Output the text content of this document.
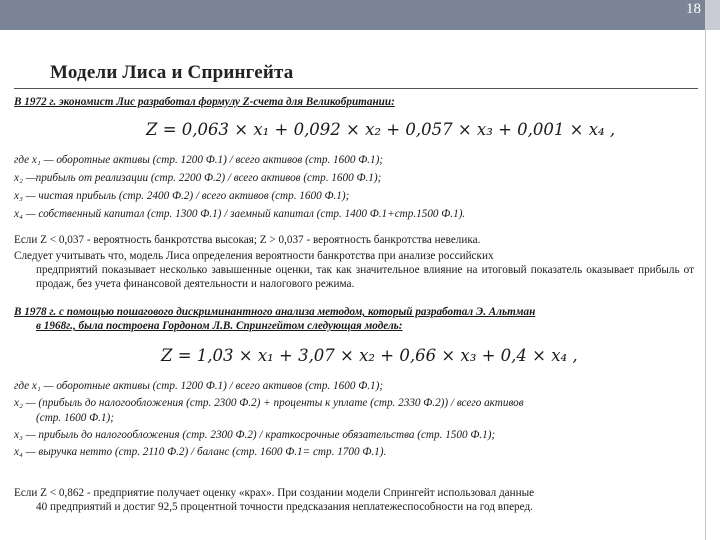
18
Модели Лиса и Спрингейта
В 1972 г. экономист Лис разработал формулу Z-счета для Великобритании:
Z = 0,063 × x₁ + 0,092 × x₂ + 0,057 × x₃ + 0,001 × x₄ ,
где x₁ — оборотные активы (стр. 1200 Ф.1) / всего активов (стр. 1600 Ф.1);
x₂ —прибыль от реализации (стр. 2200 Ф.2) / всего активов (стр. 1600 Ф.1);
x₃ — чистая прибыль (стр. 2400 Ф.2) / всего активов (стр. 1600 Ф.1);
x₄ — собственный капитал (стр. 1300 Ф.1) / заемный капитал (стр. 1400 Ф.1+стр.1500 Ф.1).
Если Z < 0,037 - вероятность банкротства высокая; Z > 0,037 - вероятность банкротства невелика.
Следует учитывать что, модель Лиса определения вероятности банкротства при анализе российских
предприятий показывает несколько завышенные оценки, так как значительное влияние на итоговый показатель оказывает прибыль от продаж, без учета финансовой деятельности и налогового режима.
В 1978 г. с помощью пошагового дискриминантного анализа методом, который разработал Э. Альтман
в 1968г., была построена Гордоном Л.В. Спрингейтом следующая модель:
Z = 1,03 × x₁ + 3,07 × x₂ + 0,66 × x₃ + 0,4 × x₄ ,
где x₁ — оборотные активы (стр. 1200 Ф.1) / всего активов (стр. 1600 Ф.1);
x₂ — (прибыль до налогообложения (стр. 2300 Ф.2) + проценты к уплате (стр. 2330 Ф.2)) / всего активов
(стр. 1600 Ф.1);
x₃ — прибыль до налогообложения (стр. 2300 Ф.2) / краткосрочные обязательства (стр. 1500 Ф.1);
x₄ — выручка нетто (стр. 2110 Ф.2) / баланс (стр. 1600 Ф.1= стр. 1700 Ф.1).
Если Z < 0,862 - предприятие получает оценку «крах». При создании модели Спрингейт использовал данные
40 предприятий и достиг 92,5 процентной точности предсказания неплатежеспособности на год вперед.
